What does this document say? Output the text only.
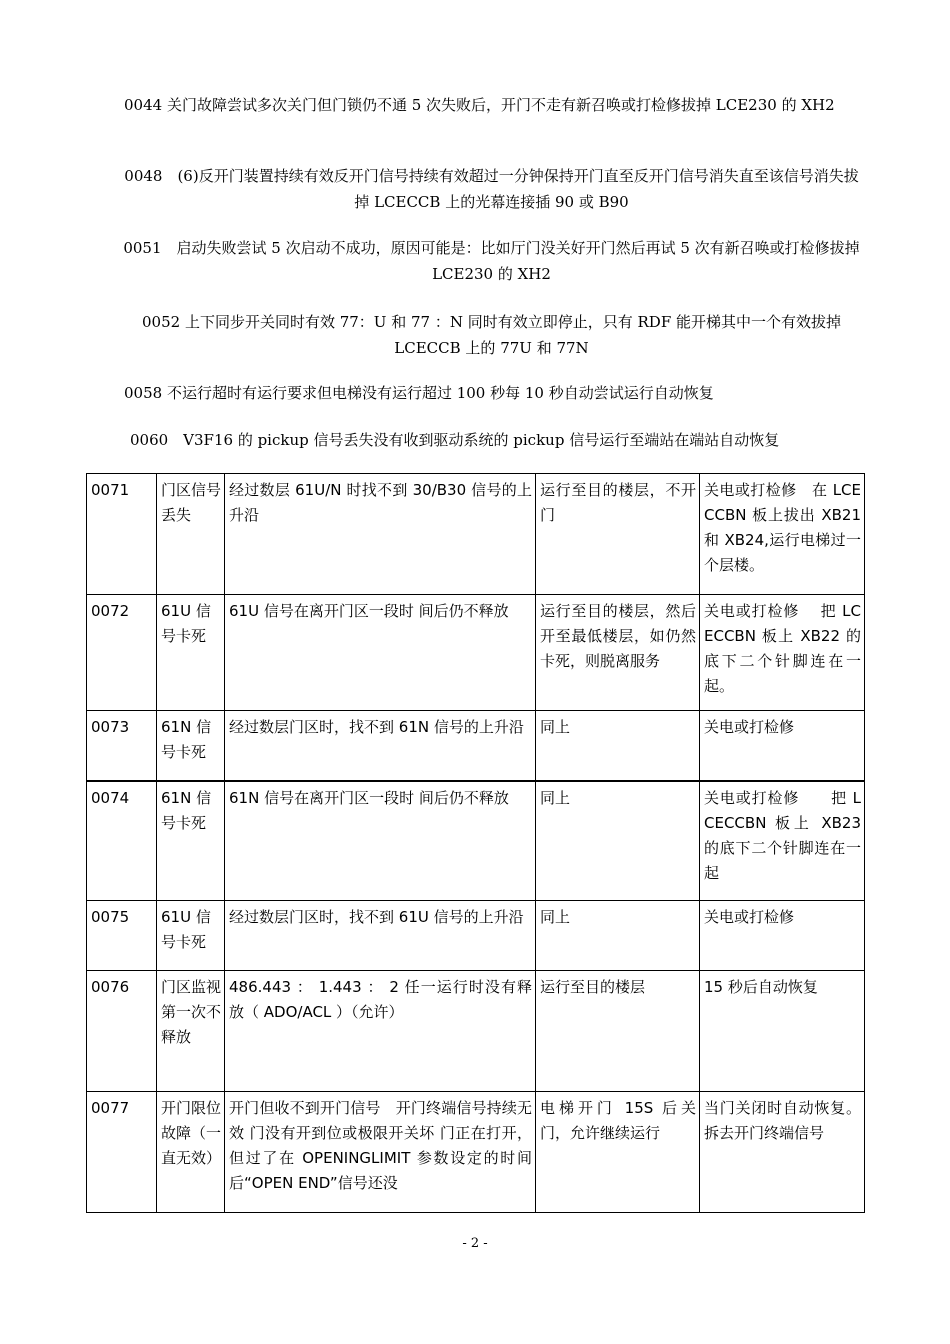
0044 关门故障尝试多次关门但门锁仍不通 5 次失败后，开门不走有新召唤或打检修拔掉 LCE230 的 XH2
0048　(6)反开门装置持续有效反开门信号持续有效超过一分钟保持开门直至反开门信号消失直至该信号消失拔掉 LCECCB 上的光幕连接插 90 或 B90
0051　启动失败尝试 5 次启动不成功，原因可能是：比如厅门没关好开门然后再试 5 次有新召唤或打检修拔掉 LCE230 的 XH2
0052 上下同步开关同时有效 77：U 和 77 ：N 同时有效立即停止，只有 RDF 能开梯其中一个有效拔掉 LCECCB 上的 77U 和 77N
0058 不运行超时有运行要求但电梯没有运行超过 100 秒每 10 秒自动尝试运行自动恢复
0060　V3F16 的 pickup 信号丢失没有收到驱动系统的 pickup 信号运行至端站在端站自动恢复
0071	门区信号丢失	经过数层 61U/N 时找不到 30/B30 信号的上升沿	运行至目的楼层，不开门	关电或打检修　在 LCECCBN 板上拔出 XB21 和 XB24,运行电梯过一个层楼。
0072	61U 信号卡死	61U 信号在离开门区一段时 间后仍不释放	运行至目的楼层，然后开至最低楼层，如仍然卡死，则脱离服务	关电或打检修　 把 LCECCBN 板上 XB22 的底下二个针脚连在一起。
0073	61N 信号卡死	经过数层门区时，找不到 61N 信号的上升沿	同上	关电或打检修
0074	61N 信号卡死	61N 信号在离开门区一段时 间后仍不释放	同上	关电或打检修　　把 LCECCBN 板上 XB23 的底下二个针脚连在一起
0075	61U 信号卡死	经过数层门区时，找不到 61U 信号的上升沿	同上	关电或打检修
0076	门区监视第一次不释放	486.443 ： 1.443 ： 2 任一运行时没有释放（ ADO/ACL ）（允许）	运行至目的楼层	15 秒后自动恢复
0077	开门限位故障（一直无效）	开门但收不到开门信号　开门终端信号持续无效 门没有开到位或极限开关坏 门正在打开，但过了在 OPENINGLIMIT 参数设定的时间后“OPEN END”信号还没	电梯开门 15S 后关门，允许继续运行	当门关闭时自动恢复。 拆去开门终端信号
- 2 -
